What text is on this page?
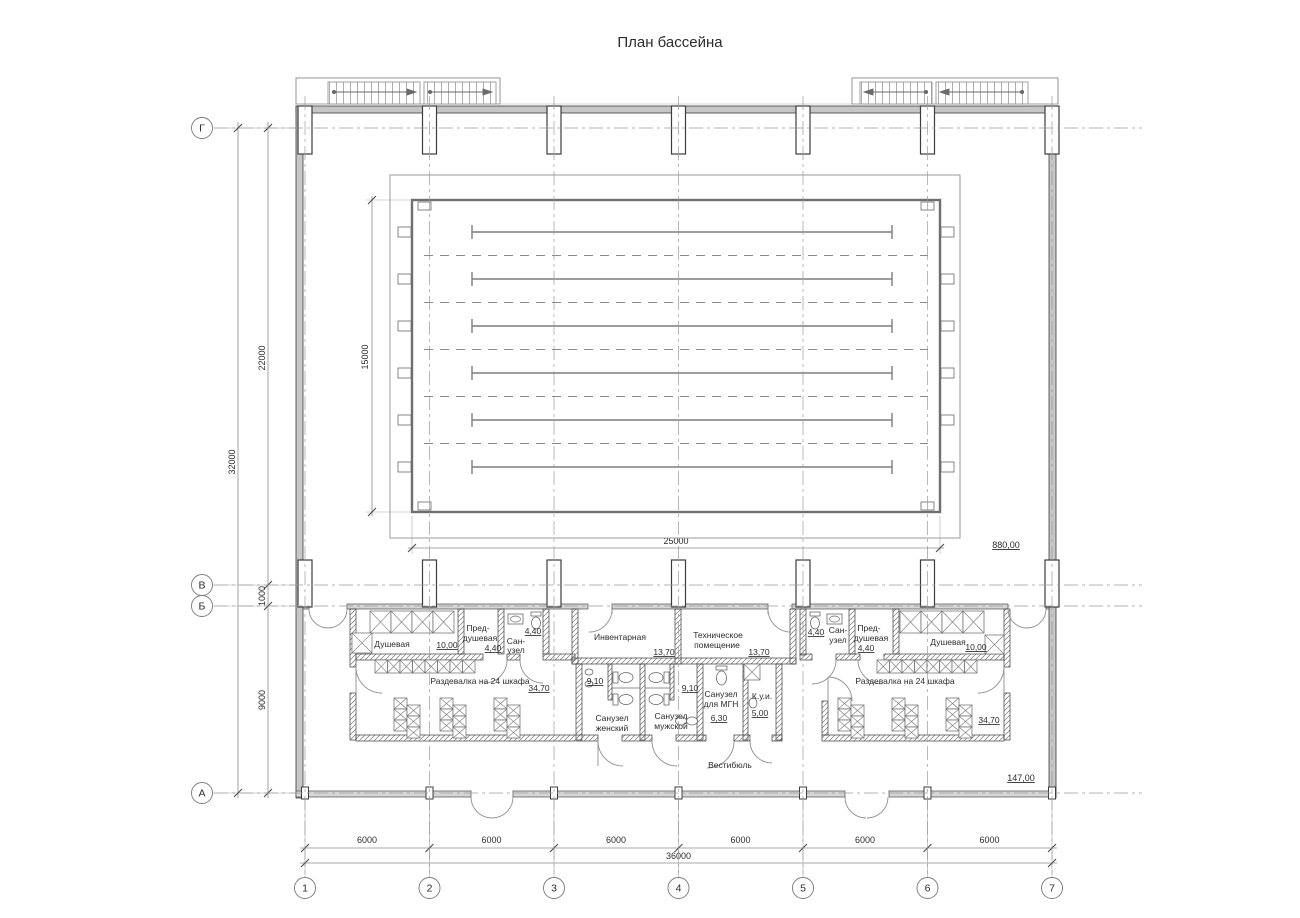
План бассейна
32000
22000
1000
9000
15000
25000
6000	6000	6000	6000	6000	6000
36000
880,00
Г
В
Б
А
1	2	3	4	5	6	7
Душевая	10,00
Пред-
душевая
4,40
4,40
Сан-
узел
Раздевалка на 24 шкафа
34,70
Инвентарная
13,70
Техническое
помещение
13,70
9,10
Санузел
женский
9,10
Санузел
мужской
Санузел
для МГН
6,30
К.у.и.
5,00
Вестибюль
147,00
4,40 Сан-
узел
Пред-
душевая
4,40
Душевая 10,00
Раздевалка на 24 шкафа
34,70
